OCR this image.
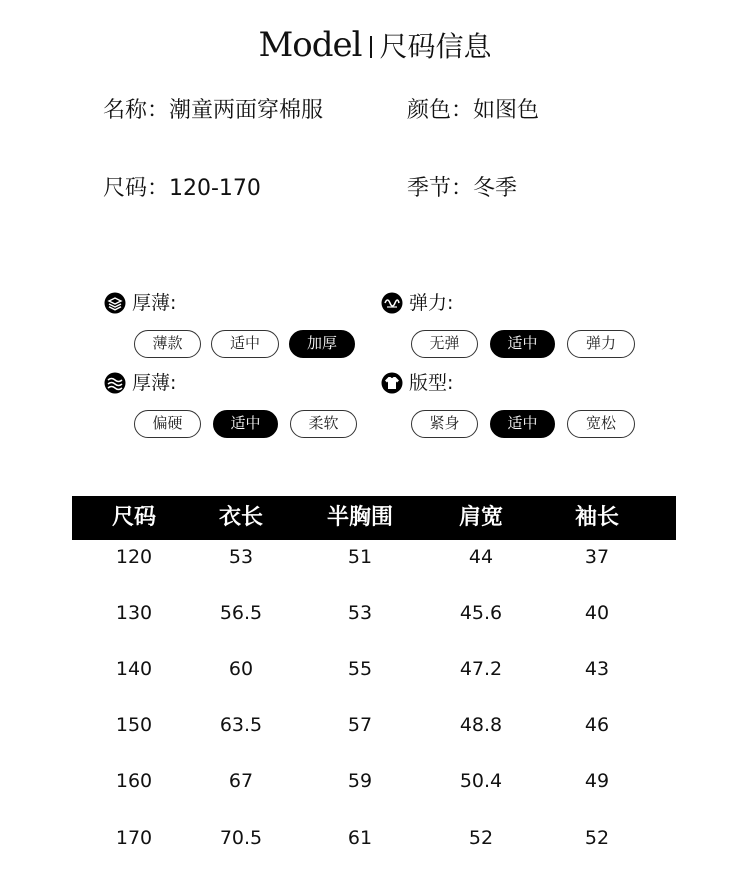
Model 尺码信息
名称：潮童两面穿棉服	颜色：如图色
尺码：120-170	季节：冬季
厚薄:
薄款	适中	加厚
弹力:
无弹	适中	弹力
厚薄:
偏硬	适中	柔软
版型:
紧身	适中	宽松
尺码	衣长	半胸围	肩宽	袖长
120	53	51	44	37
130	56.5	53	45.6	40
140	60	55	47.2	43
150	63.5	57	48.8	46
160	67	59	50.4	49
170	70.5	61	52	52
